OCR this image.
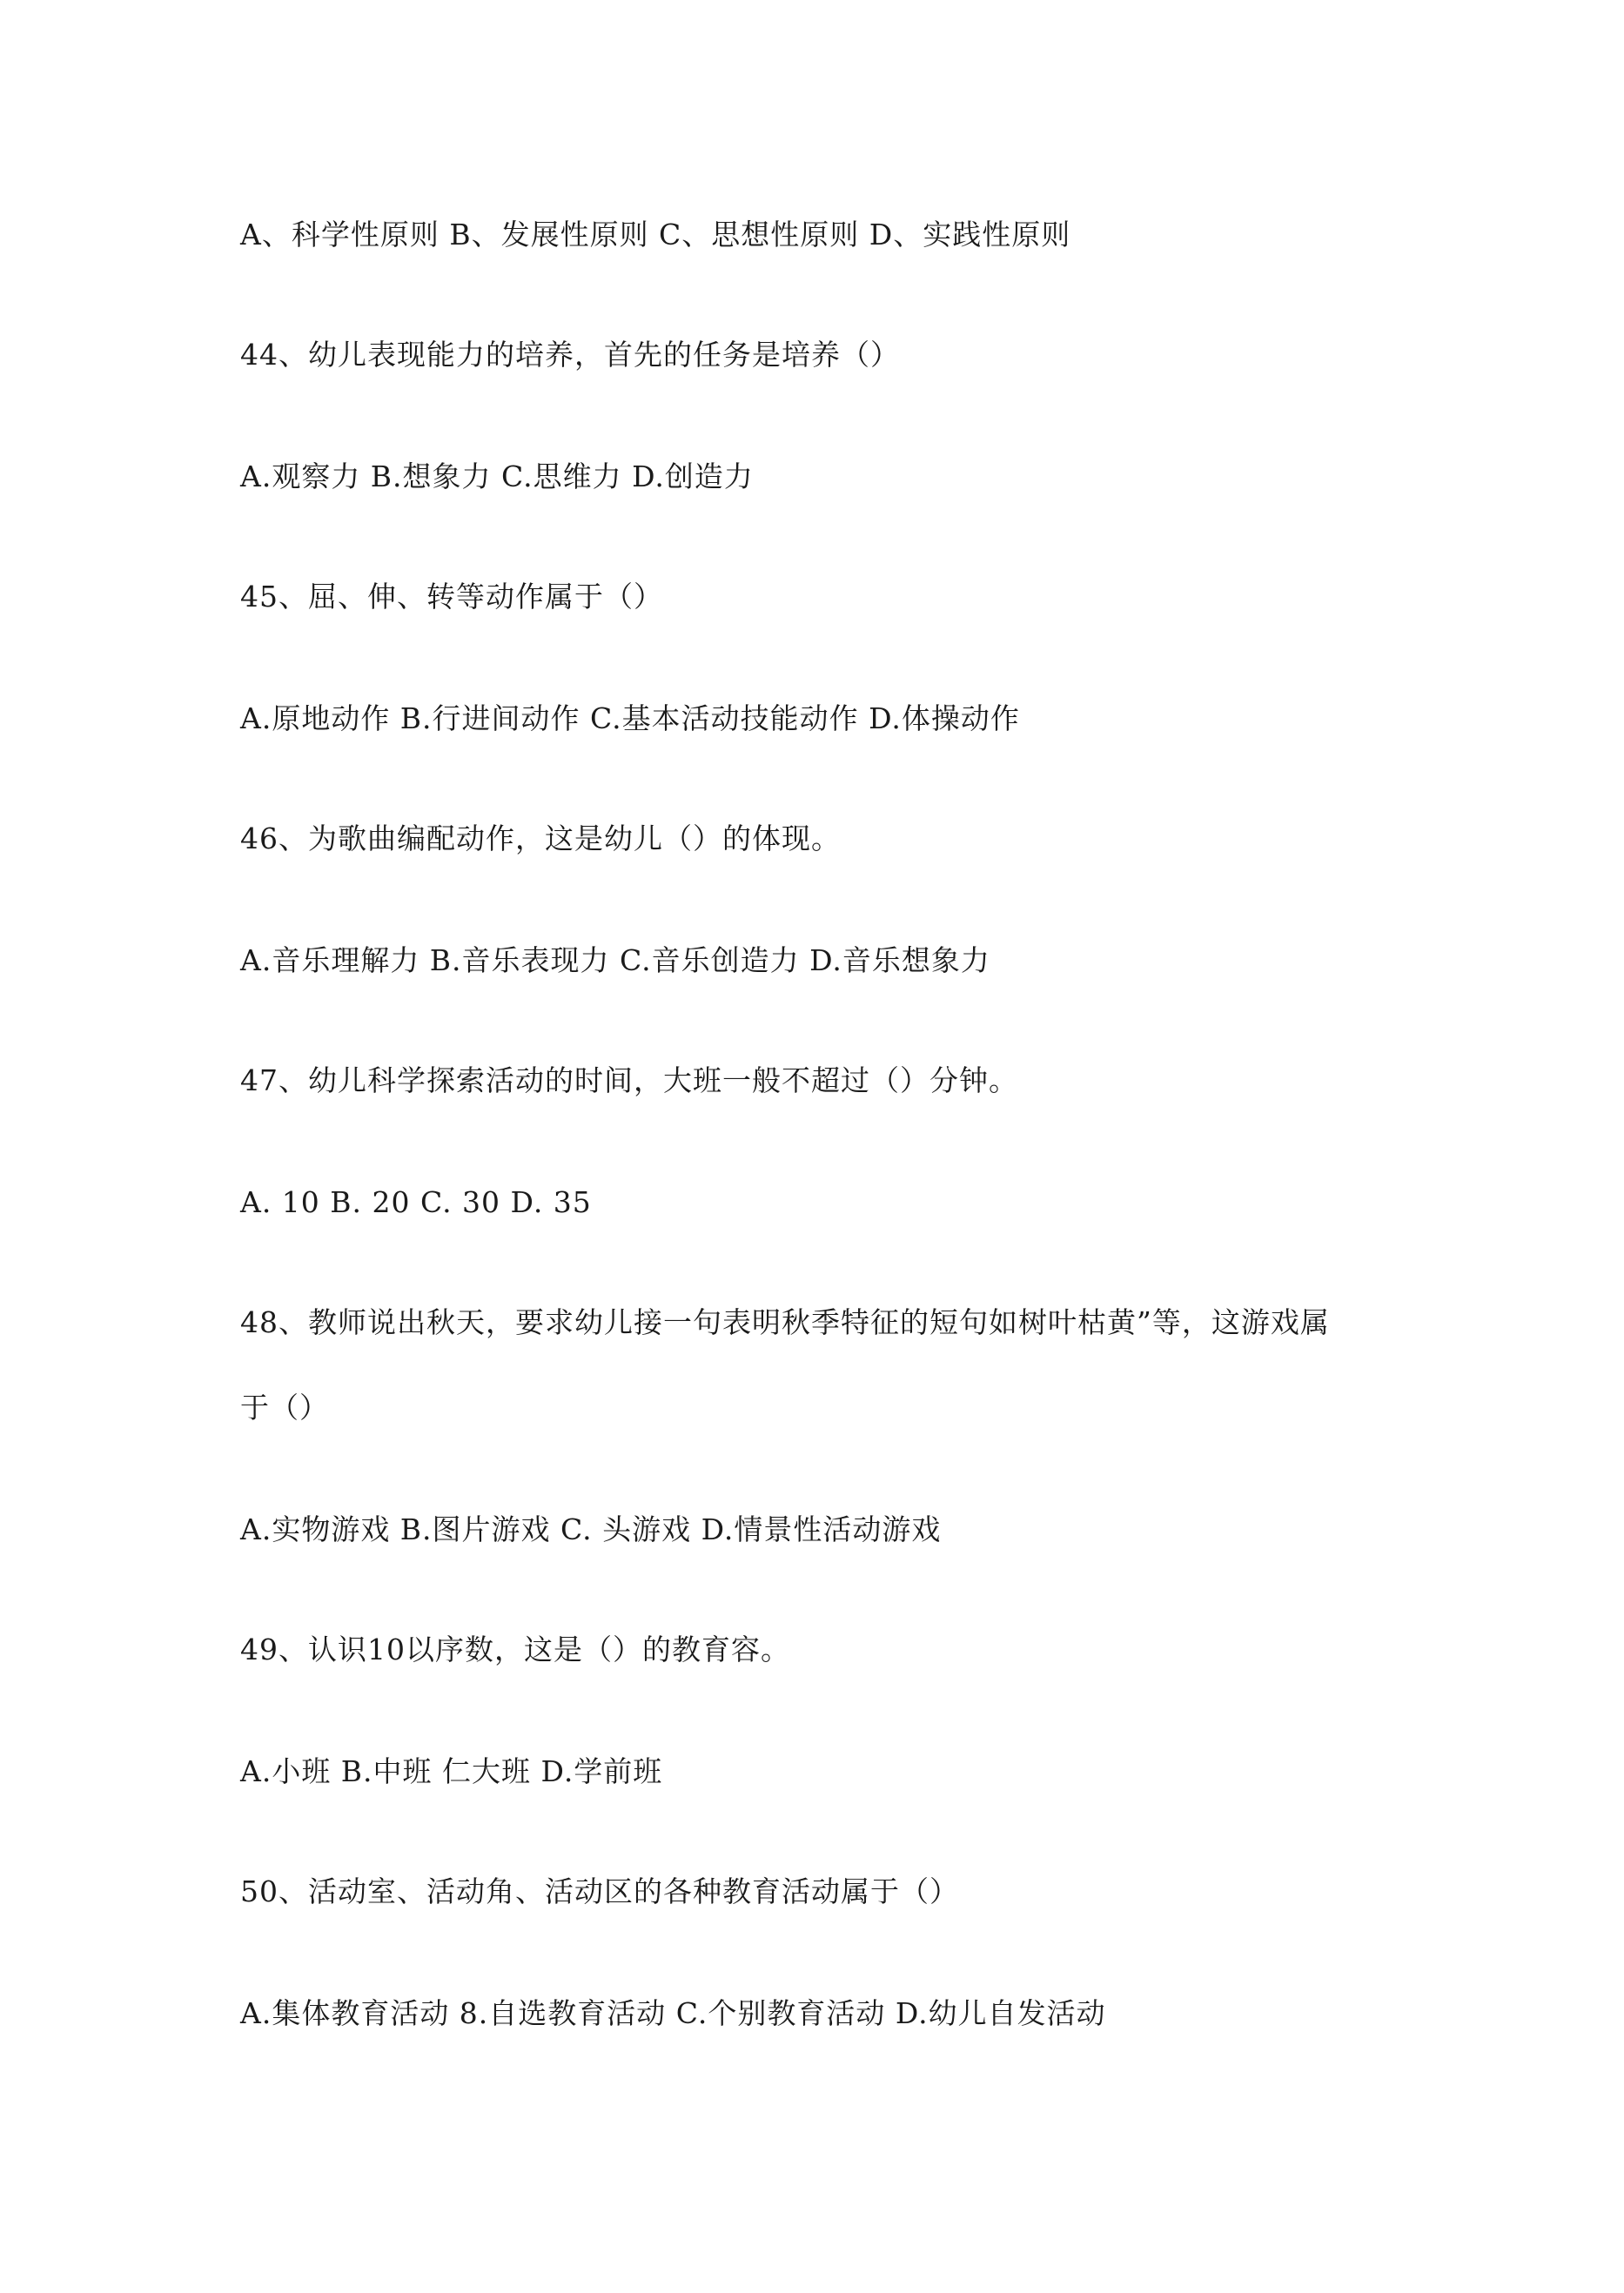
A、科学性原则 B、发展性原则 C、思想性原则 D、实践性原则
44、幼儿表现能力的培养，首先的任务是培养（）
A.观察力 B.想象力 C.思维力 D.创造力
45、屈、伸、转等动作属于（）
A.原地动作 B.行进间动作 C.基本活动技能动作 D.体操动作
46、为歌曲编配动作，这是幼儿（）的体现。
A.音乐理解力 B.音乐表现力 C.音乐创造力 D.音乐想象力
47、幼儿科学探索活动的时间，大班一般不超过（）分钟。
A. 10 B. 20 C. 30 D. 35
48、教师说出秋天，要求幼儿接一句表明秋季特征的短句如树叶枯黄”等，这游戏属
于（）
A.实物游戏 B.图片游戏 C. 头游戏 D.情景性活动游戏
49、认识10以序数，这是（）的教育容。
A.小班 B.中班 仁大班 D.学前班
50、活动室、活动角、活动区的各种教育活动属于（）
A.集体教育活动 8.自选教育活动 C.个别教育活动 D.幼儿自发活动
